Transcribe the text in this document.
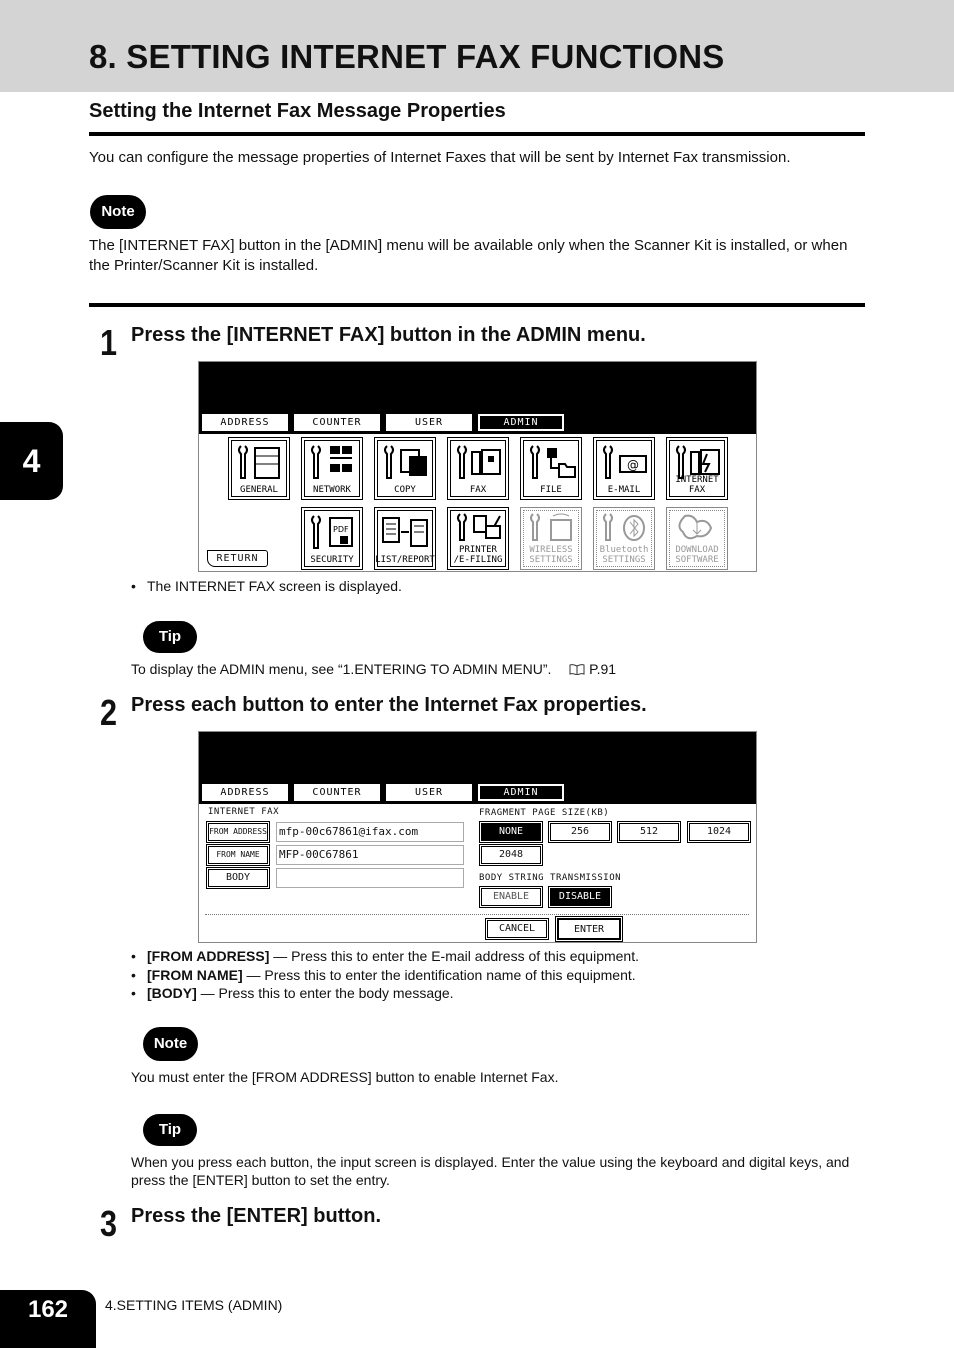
8. SETTING INTERNET FAX FUNCTIONS
Setting the Internet Fax Message Properties
You can configure the message properties of Internet Faxes that will be sent by Internet Fax transmission.
Note
The [INTERNET FAX] button in the [ADMIN] menu will be available only when the Scanner Kit is installed, or when the Printer/Scanner Kit is installed.
4
1 Press the [INTERNET FAX] button in the ADMIN menu.
ADDRESS	COUNTER	USER	ADMIN
GENERAL	NETWORK	COPY	FAX	FILE
@
E-MAIL
INTERNET FAX
RETURN
PDF
SECURITY	LIST/REPORT
PRINTER
/E-FILING
WIRELESS
SETTINGS
Bluetooth
SETTINGS
DOWNLOAD
SOFTWARE
• The INTERNET FAX screen is displayed.
Tip
To display the ADMIN menu, see “1.ENTERING TO ADMIN MENU”.	P.91
2 Press each button to enter the Internet Fax properties.
ADDRESS	COUNTER	USER	ADMIN
INTERNET FAX
FROM ADDRESS mfp-00c67861@ifax.com
FROM NAME	MFP-00C67861
BODY
FRAGMENT PAGE SIZE(KB)
NONE	256	512	1024
2048
BODY STRING TRANSMISSION
ENABLE	DISABLE
CANCEL	ENTER
• [FROM ADDRESS] — Press this to enter the E-mail address of this equipment.
• [FROM NAME] — Press this to enter the identification name of this equipment.
• [BODY] — Press this to enter the body message.
Note
You must enter the [FROM ADDRESS] button to enable Internet Fax.
Tip
When you press each button, the input screen is displayed. Enter the value using the keyboard and digital keys, and press the [ENTER] button to set the entry.
3 Press the [ENTER] button.
162	4.SETTING ITEMS (ADMIN)
